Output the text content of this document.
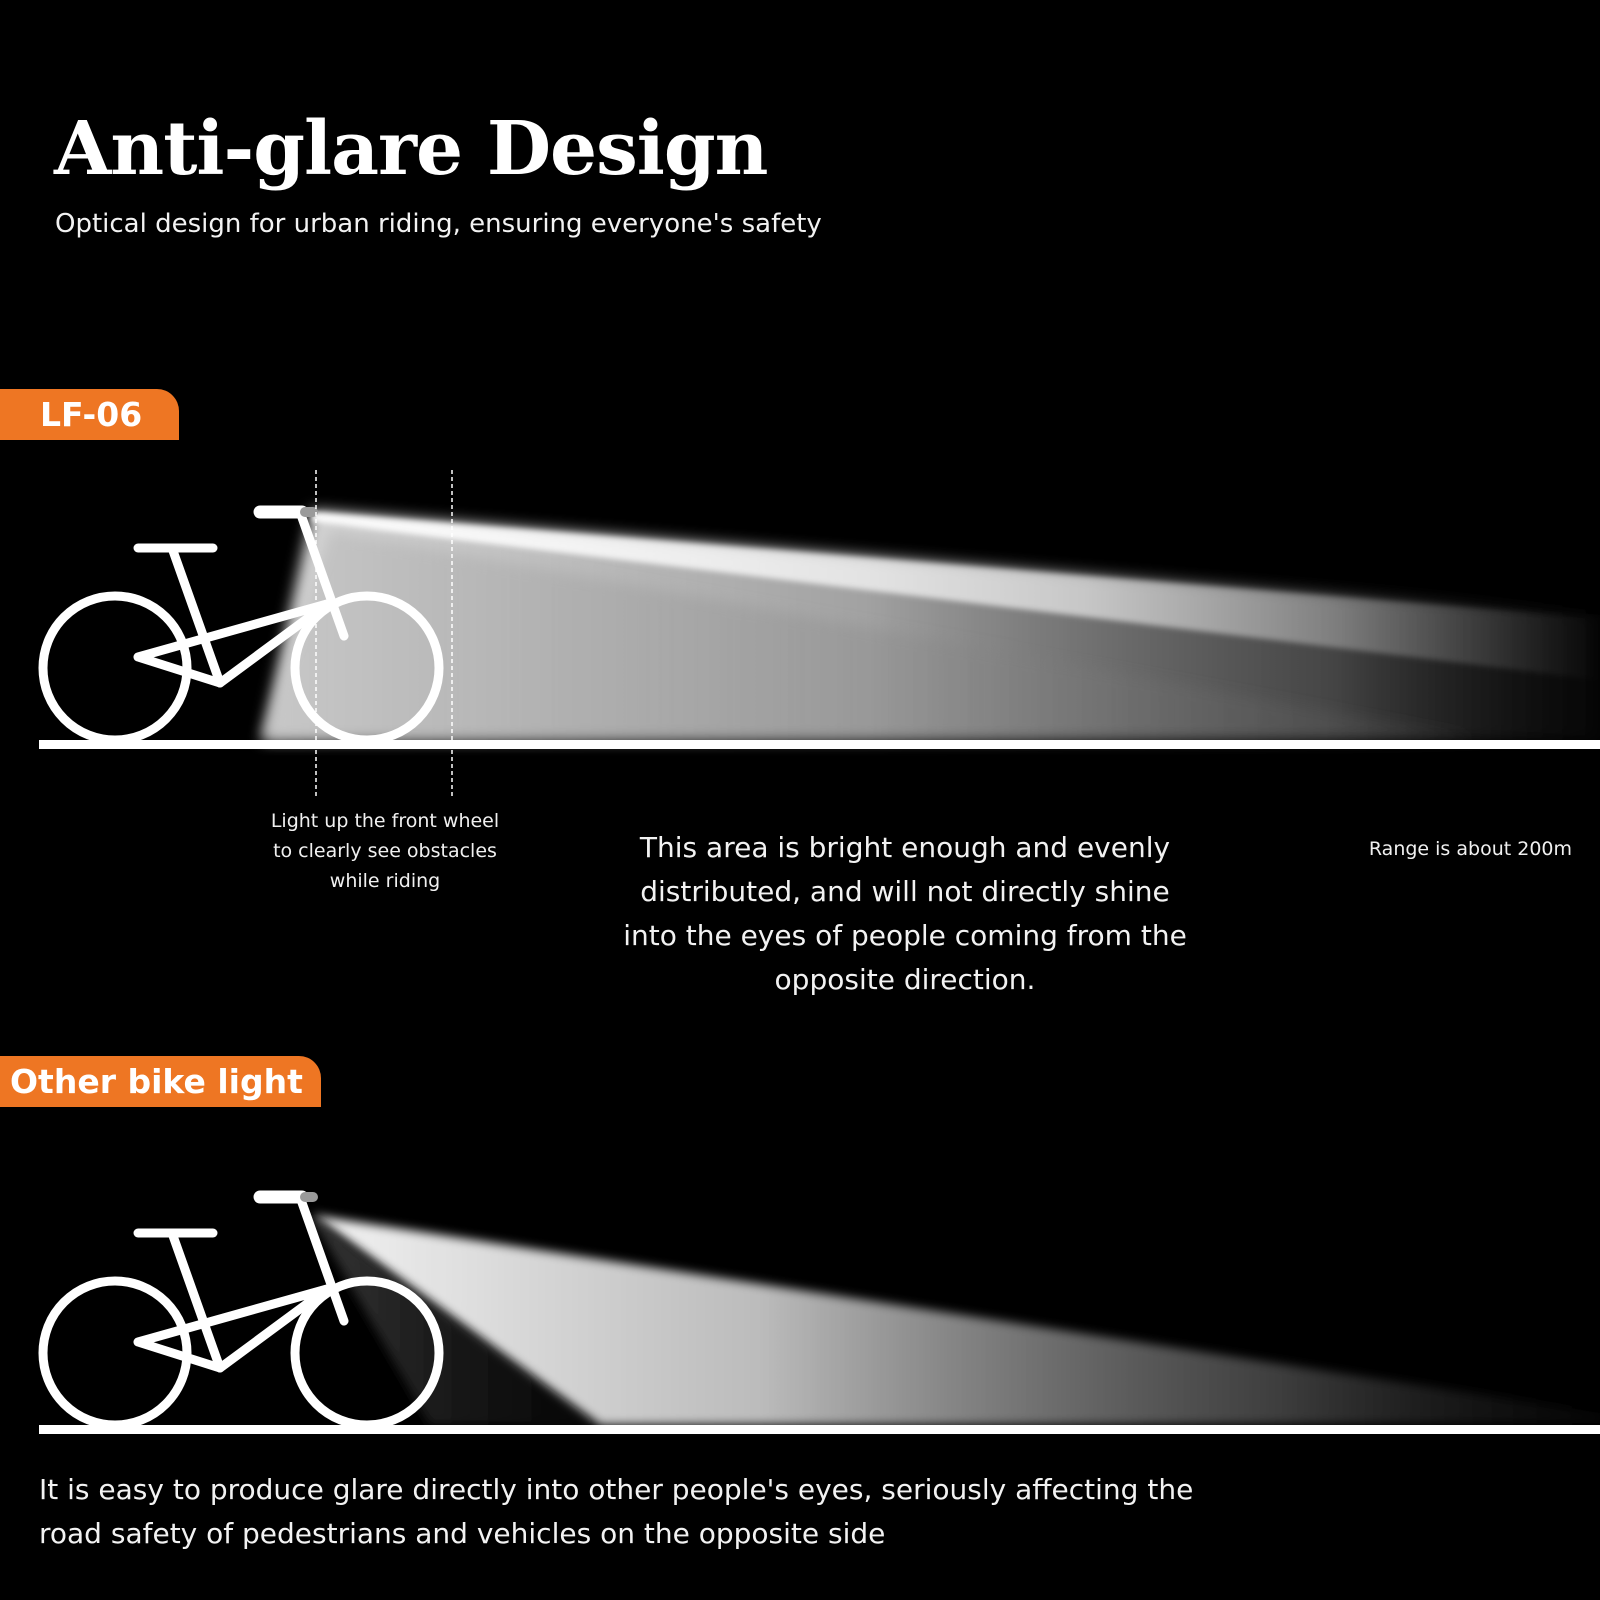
Anti-glare Design

Optical design for urban riding, ensuring everyone's safety

LF-06
Light up the front wheel to clearly see obstacles while riding
This area is bright enough and evenly distributed, and will not directly shine into the eyes of people coming from the opposite direction.
Range is about 200m
Other bike light
It is easy to produce glare directly into other people's eyes, seriously affecting the road safety of pedestrians and vehicles on the opposite side
